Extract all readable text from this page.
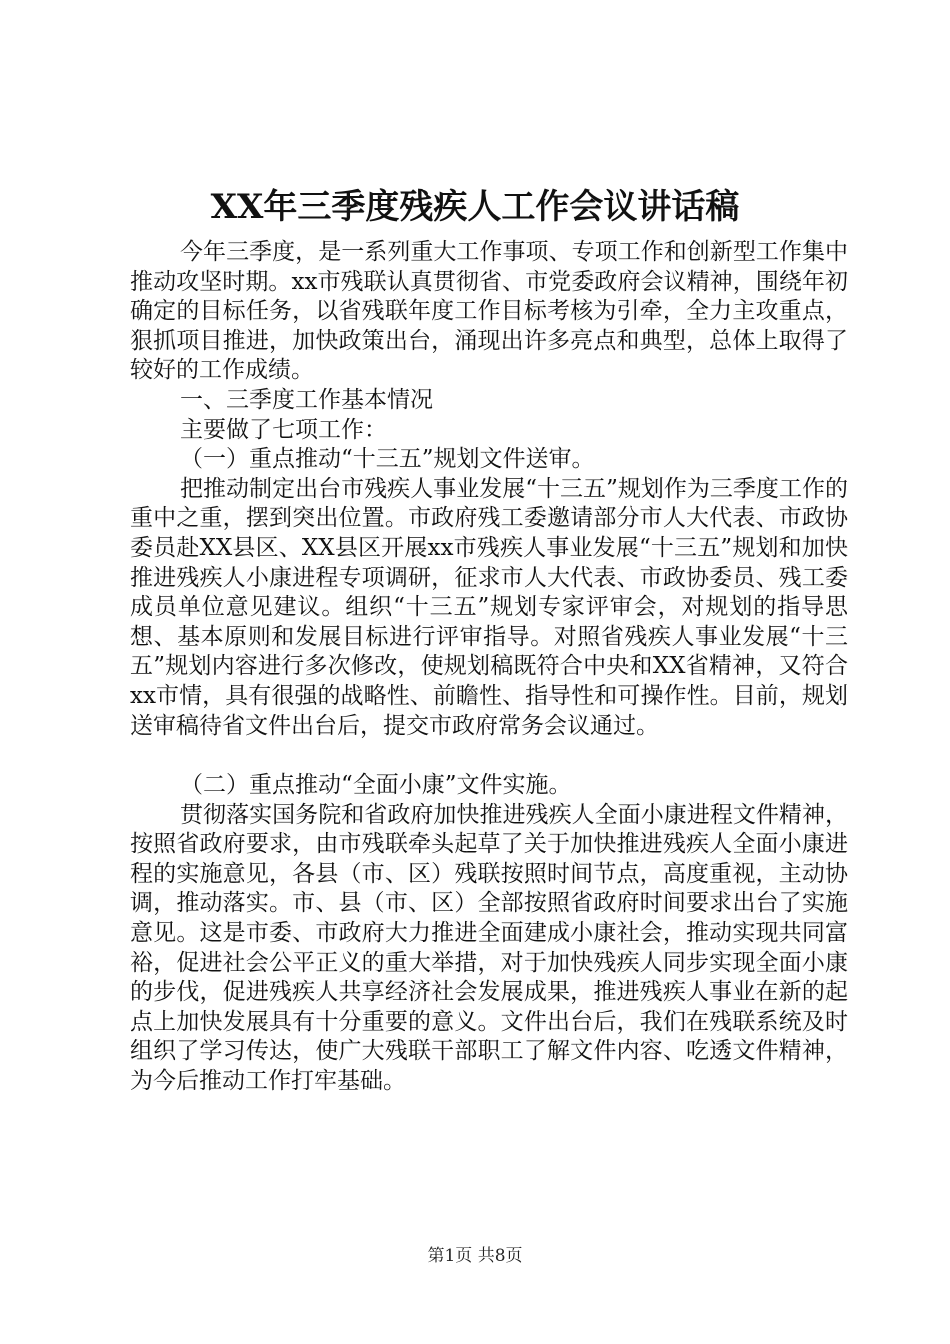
XX年三季度残疾人工作会议讲话稿

今年三季度，是一系列重大工作事项、专项工作和创新型工作集中推动攻坚时期。xx市残联认真贯彻省、市党委政府会议精神，围绕年初确定的目标任务，以省残联年度工作目标考核为引牵，全力主攻重点，狠抓项目推进，加快政策出台，涌现出许多亮点和典型，总体上取得了较好的工作成绩。

一、三季度工作基本情况

主要做了七项工作：

（一）重点推动“十三五”规划文件送审。

把推动制定出台市残疾人事业发展“十三五”规划作为三季度工作的重中之重，摆到突出位置。市政府残工委邀请部分市人大代表、市政协委员赴XX县区、XX县区开展xx市残疾人事业发展“十三五”规划和加快推进残疾人小康进程专项调研，征求市人大代表、市政协委员、残工委成员单位意见建议。组织“十三五”规划专家评审会，对规划的指导思想、基本原则和发展目标进行评审指导。对照省残疾人事业发展“十三五”规划内容进行多次修改，使规划稿既符合中央和XX省精神，又符合xx市情，具有很强的战略性、前瞻性、指导性和可操作性。目前，规划送审稿待省文件出台后，提交市政府常务会议通过。

（二）重点推动“全面小康”文件实施。

贯彻落实国务院和省政府加快推进残疾人全面小康进程文件精神，按照省政府要求，由市残联牵头起草了关于加快推进残疾人全面小康进程的实施意见，各县（市、区）残联按照时间节点，高度重视，主动协调，推动落实。市、县（市、区）全部按照省政府时间要求出台了实施意见。这是市委、市政府大力推进全面建成小康社会，推动实现共同富裕，促进社会公平正义的重大举措，对于加快残疾人同步实现全面小康的步伐，促进残疾人共享经济社会发展成果，推进残疾人事业在新的起点上加快发展具有十分重要的意义。文件出台后，我们在残联系统及时组织了学习传达，使广大残联干部职工了解文件内容、吃透文件精神，为今后推动工作打牢基础。

第1页 共8页
